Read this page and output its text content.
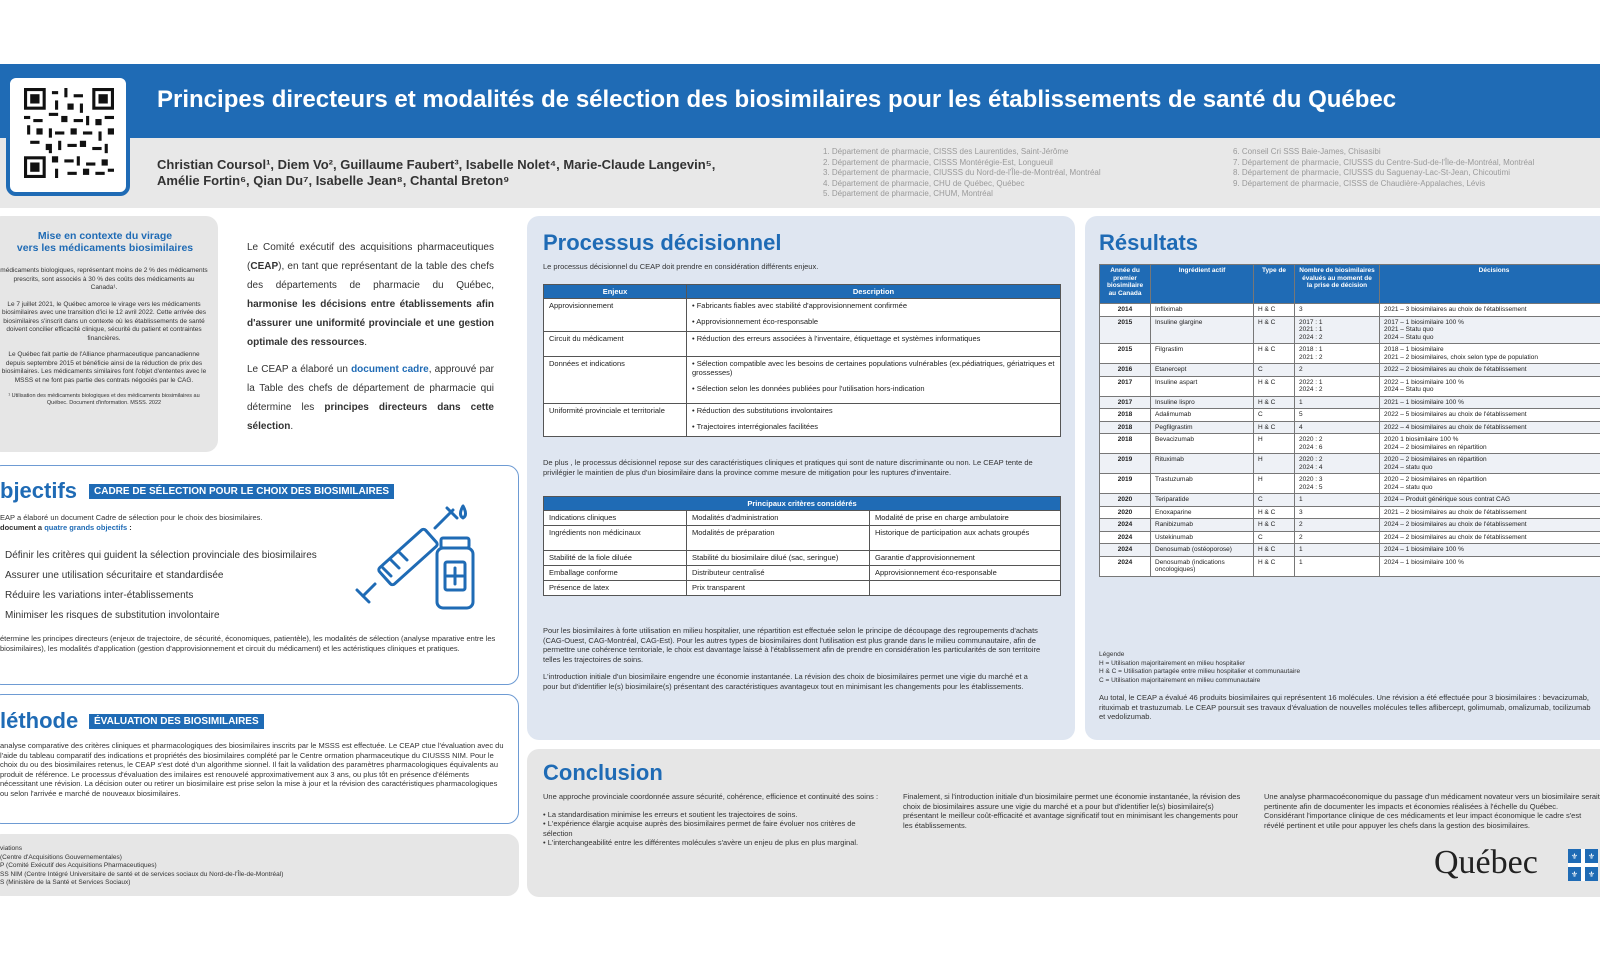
Principes directeurs et modalités de sélection des biosimilaires pour les établissements de santé du Québec
Christian Coursol¹, Diem Vo², Guillaume Faubert³, Isabelle Nolet⁴, Marie-Claude Langevin⁵,
Amélie Fortin⁶, Qian Du⁷, Isabelle Jean⁸, Chantal Breton⁹
1. Département de pharmacie, CISSS des Laurentides, Saint-Jérôme
2. Département de pharmacie, CISSS Montérégie-Est, Longueuil
3. Département de pharmacie, CIUSSS du Nord-de-l'Île-de-Montréal, Montréal
4. Département de pharmacie, CHU de Québec, Québec
5. Département de pharmacie, CHUM, Montréal
6. Conseil Cri SSS Baie-James, Chisasibi
7. Département de pharmacie, CIUSSS du Centre-Sud-de-l'Île-de-Montréal, Montréal
8. Département de pharmacie, CIUSSS du Saguenay-Lac-St-Jean, Chicoutimi
9. Département de pharmacie, CISSS de Chaudière-Appalaches, Lévis
Mise en contexte du virage
vers les médicaments biosimilaires
médicaments biologiques, représentant moins de 2 % des médicaments prescrits, sont associés à 30 % des coûts des médicaments au Canada¹.
Le 7 juillet 2021, le Québec amorce le virage vers les médicaments biosimilaires avec une transition d'ici le 12 avril 2022. Cette arrivée des biosimilaires s'inscrit dans un contexte où les établissements de santé doivent concilier efficacité clinique, sécurité du patient et contraintes financières.
Le Québec fait partie de l'Alliance pharmaceutique pancanadienne depuis septembre 2015 et bénéficie ainsi de la réduction de prix des biosimilaires. Les médicaments similaires font l'objet d'ententes avec le MSSS et ne font pas partie des contrats négociés par le CAG.
¹ Utilisation des médicaments biologiques et des médicaments biosimilaires au Québec. Document d'information. MSSS. 2022
Le Comité exécutif des acquisitions pharmaceutiques (CEAP), en tant que représentant de la table des chefs des départements de pharmacie du Québec, harmonise les décisions entre établissements afin d'assurer une uniformité provinciale et une gestion optimale des ressources.
Le CEAP a élaboré un document cadre, approuvé par la Table des chefs de département de pharmacie qui détermine les principes directeurs dans cette sélection.
bjectifs	CADRE DE SÉLECTION POUR LE CHOIX DES BIOSIMILAIRES
EAP a élaboré un document Cadre de sélection pour le choix des biosimilaires.
document a quatre grands objectifs :
Définir les critères qui guident la sélection provinciale des biosimilaires
Assurer une utilisation sécuritaire et standardisée
Réduire les variations inter-établissements
Minimiser les risques de substitution involontaire
étermine les principes directeurs (enjeux de trajectoire, de sécurité, économiques, patientèle), les modalités de sélection (analyse mparative entre les biosimilaires), les modalités d'application (gestion d'approvisionnement et circuit du médicament) et les actéristiques cliniques et pratiques.
léthode	ÉVALUATION DES BIOSIMILAIRES
analyse comparative des critères cliniques et pharmacologiques des biosimilaires inscrits par le MSSS est effectuée. Le CEAP ctue l'évaluation avec du l'aide du tableau comparatif des indications et propriétés des biosimilaires complété par le Centre ormation pharmaceutique du CIUSSS NIM. Pour le choix du ou des biosimilaires retenus, le CEAP s'est doté d'un algorithme sionnel. Il fait la validation des paramètres pharmacologiques équivalents au produit de référence. Le processus d'évaluation des imilaires est renouvelé approximativement aux 3 ans, ou plus tôt en présence d'éléments nécessitant une révision. La décision outer ou retirer un biosimilaire est prise selon la mise à jour et la révision des caractéristiques pharmacologiques ou selon l'arrivée e marché de nouveaux biosimilaires.
viations
(Centre d'Acquisitions Gouvernementales)
P (Comité Exécutif des Acquisitions Pharmaceutiques)
SS NIM (Centre Intégré Universitaire de santé et de services sociaux du Nord-de-l'Île-de-Montréal)
S (Ministère de la Santé et Services Sociaux)
Processus décisionnel
Le processus décisionnel du CEAP doit prendre en considération différents enjeux.
Enjeux	Description
Approvisionnement	• Fabricants fiables avec stabilité d'approvisionnement confirmée
• Approvisionnement éco-responsable

Circuit du médicament	• Réduction des erreurs associées à l'inventaire, étiquettage et systèmes informatiques

Données et indications	• Sélection compatible avec les besoins de certaines populations vulnérables (ex.pédiatriques, gériatriques et grossesses)
• Sélection selon les données publiées pour l'utilisation hors-indication

Uniformité provinciale et territoriale	• Réduction des substitutions involontaires
• Trajectoires interrégionales facilitées
De plus , le processus décisionnel repose sur des caractéristiques cliniques et pratiques qui sont de nature discriminante ou non. Le CEAP tente de privilégier le maintien de plus d'un biosimilaire dans la province comme mesure de mitigation pour les ruptures d'inventaire.
Principaux critères considérés		
Indications cliniques	Modalités d'administration	Modalité de prise en charge ambulatoire
Ingrédients non médicinaux	Modalités de préparation	Historique de participation aux achats groupés
Stabilité de la fiole diluée	Stabilité du biosimilaire dilué (sac, seringue)	Garantie d'approvisionnement
Emballage conforme	Distributeur centralisé	Approvisionnement éco-responsable
Présence de latex	Prix transparent	
Pour les biosimilaires à forte utilisation en milieu hospitalier, une répartition est effectuée selon le principe de découpage des regroupements d'achats (CAG-Ouest, CAG-Montréal, CAG-Est). Pour les autres types de biosimilaires dont l'utilisation est plus grande dans le milieu communautaire, afin de permettre une cohérence territoriale, le choix est davantage laissé à l'établissement afin de prendre en considération les particularités de son territoire telles les trajectoires de soins.
L'introduction initiale d'un biosimilaire engendre une économie instantanée. La révision des choix de biosimilaires permet une vigie du marché et a pour but d'identifier le(s) biosimilaire(s) présentant des caractéristiques avantageux tout en minimisant les changements pour les établissements.
Résultats
Année du premier biosimilaire au Canada	Ingrédient actif	Type de	Nombre de biosimilaires évalués au moment de la prise de décision	Décisions
2014	Infliximab	H & C	3	2021 – 3 biosimilaires au choix de l'établissement
2015	Insuline glargine	H & C	2017 : 1
2021 : 1
2024 : 2	2017 – 1 biosimilaire 100 %
2021 – Statu quo
2024 – Statu quo
2015	Filgrastim	H & C	2018 : 1
2021 : 2	2018 – 1 biosimilaire
2021 – 2 biosimilaires, choix selon type de population
2016	Etanercept	C	2	2022 – 2 biosimilaires au choix de l'établissement
2017	Insuline aspart	H & C	2022 : 1
2024 : 2	2022 – 1 biosimilaire 100 %
2024 – Statu quo
2017	Insuline lispro	H & C	1	2021 – 1 biosimilaire 100 %
2018	Adalimumab	C	5	2022 – 5 biosimilaires au choix de l'établissement
2018	Pegfilgrastim	H & C	4	2022 – 4 biosimilaires au choix de l'établissement
2018	Bevacizumab	H	2020 : 2
2024 : 6	2020 1 biosimilaire 100 %
2024 – 2 biosimilaires en répartition
2019	Rituximab	H	2020 : 2
2024 : 4	2020 – 2 biosimilaires en répartition
2024 – statu quo
2019	Trastuzumab	H	2020 : 3
2024 : 5	2020 – 2 biosimilaires en répartition
2024 – statu quo
2020	Teriparatide	C	1	2024 – Produit générique sous contrat CAG
2020	Enoxaparine	H & C	3	2021 – 2 biosimilaires au choix de l'établissement
2024	Ranibizumab	H & C	2	2024 – 2 biosimilaires au choix de l'établissement
2024	Ustekinumab	C	2	2024 – 2 biosimilaires au choix de l'établissement
2024	Denosumab (ostéoporose)	H & C	1	2024 – 1 biosimilaire 100 %
2024	Denosumab (indications oncologiques)	H & C	1	2024 – 1 biosimilaire 100 %
Légende
H = Utilisation majoritairement en milieu hospitalier
H & C = Utilisation partagée entre milieu hospitalier et communautaire
C = Utilisation majoritairement en milieu communautaire
Au total, le CEAP a évalué 46 produits biosimilaires qui représentent 16 molécules. Une révision a été effectuée pour 3 biosimilaires : bevacizumab, rituximab et trastuzumab. Le CEAP poursuit ses travaux d'évaluation de nouvelles molécules telles aflibercept, golimumab, omalizumab, tocilizumab et vedolizumab.
Conclusion
Une approche provinciale coordonnée assure sécurité, cohérence, efficience et continuité des soins :
• La standardisation minimise les erreurs et soutient les trajectoires de soins.
• L'expérience élargie acquise auprès des biosimilaires permet de faire évoluer nos critères de sélection
• L'interchangeabilité entre les différentes molécules s'avère un enjeu de plus en plus marginal.
Finalement, si l'introduction initiale d'un biosimilaire permet une économie instantanée, la révision des choix de biosimilaires assure une vigie du marché et a pour but d'identifier le(s) biosimilaire(s) présentant le meilleur coût-efficacité et avantage significatif tout en minimisant les changements pour les établissements.
Une analyse pharmacoéconomique du passage d'un médicament novateur vers un biosimilaire serait pertinente afin de documenter les impacts et économies réalisées à l'échelle du Québec. Considérant l'importance clinique de ces médicaments et leur impact économique le cadre s'est révélé pertinent et utile pour appuyer les chefs dans la gestion des biosimilaires.
Québec	⚜ ⚜
⚜ ⚜
